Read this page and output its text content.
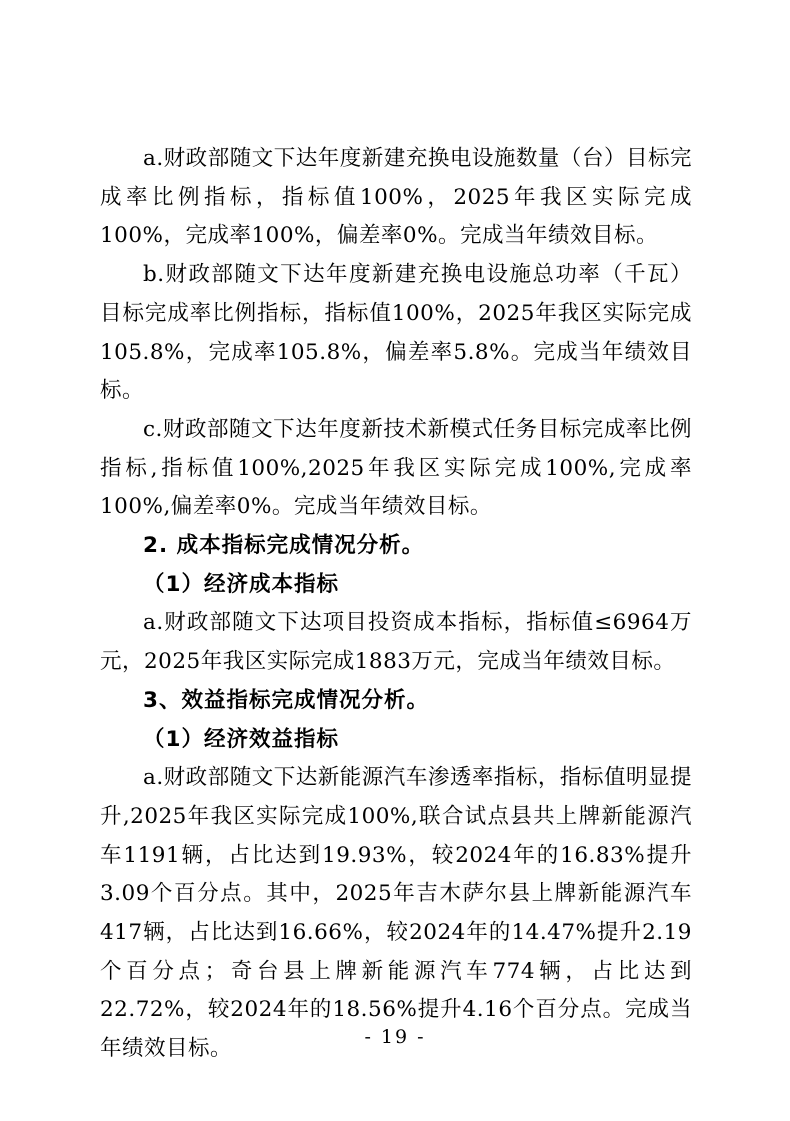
a.财政部随文下达年度新建充换电设施数量（台）目标完成率比例指标，指标值100%，2025年我区实际完成100%，完成率100%，偏差率0%。完成当年绩效目标。

b.财政部随文下达年度新建充换电设施总功率（千瓦）目标完成率比例指标，指标值100%，2025年我区实际完成105.8%，完成率105.8%，偏差率5.8%。完成当年绩效目标。

c.财政部随文下达年度新技术新模式任务目标完成率比例指标,指标值100%,2025年我区实际完成100%,完成率100%,偏差率0%。完成当年绩效目标。

2. 成本指标完成情况分析。

（1）经济成本指标

a.财政部随文下达项目投资成本指标，指标值≤6964万元，2025年我区实际完成1883万元，完成当年绩效目标。

3、效益指标完成情况分析。

（1）经济效益指标

a.财政部随文下达新能源汽车渗透率指标，指标值明显提升,2025年我区实际完成100%,联合试点县共上牌新能源汽车1191辆，占比达到19.93%，较2024年的16.83%提升3.09个百分点。其中，2025年吉木萨尔县上牌新能源汽车417辆，占比达到16.66%，较2024年的14.47%提升2.19个百分点；奇台县上牌新能源汽车774辆，占比达到22.72%，较2024年的18.56%提升4.16个百分点。完成当年绩效目标。	- 19 -
